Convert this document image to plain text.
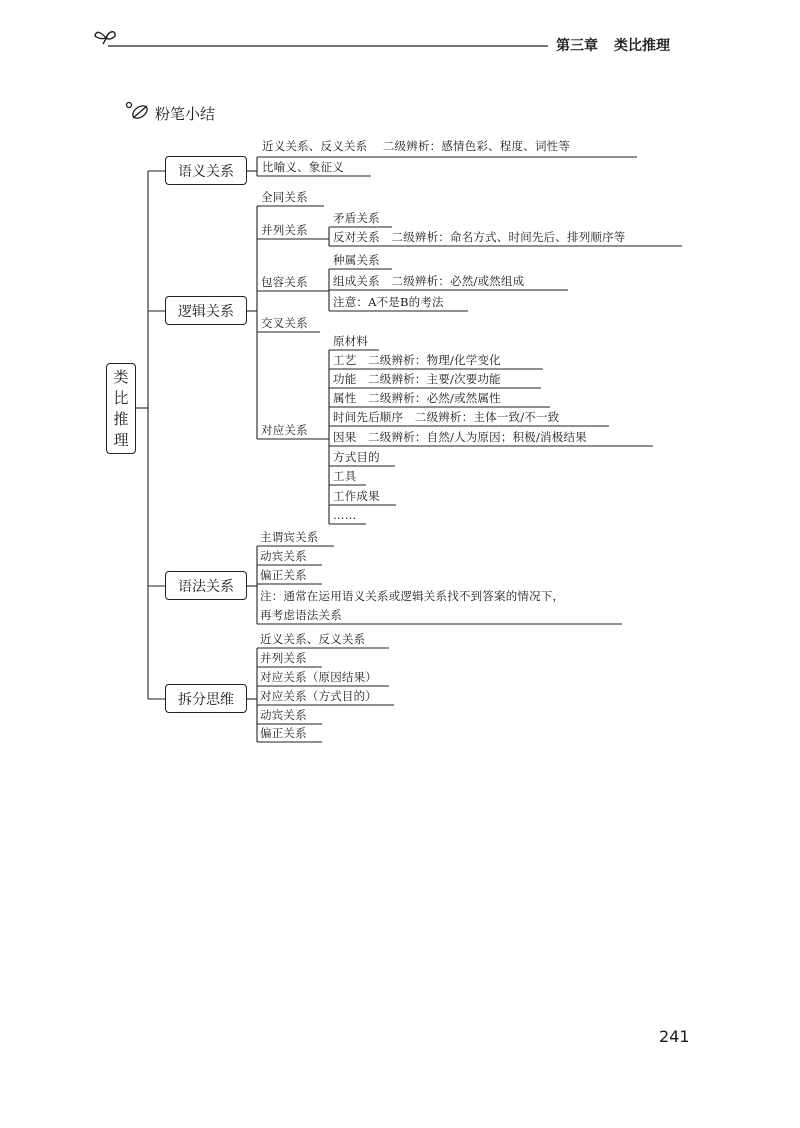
第三章 类比推理
粉笔小结
类
比
推
理
语义关系
逻辑关系
语法关系
拆分思维
近义关系、反义关系　 二级辨析：感情色彩、程度、词性等
比喻义、象征义
全同关系
并列关系
矛盾关系
反对关系　二级辨析：命名方式、时间先后、排列顺序等
包容关系
种属关系
组成关系　二级辨析：必然/或然组成
注意：A不是B的考法
交叉关系
对应关系
原材料
工艺　二级辨析：物理/化学变化
功能　二级辨析：主要/次要功能
属性　二级辨析：必然/或然属性
时间先后顺序　二级辨析：主体一致/不一致
因果　二级辨析：自然/人为原因；积极/消极结果
方式目的
工具
工作成果
……
主谓宾关系
动宾关系
偏正关系
注：通常在运用语义关系或逻辑关系找不到答案的情况下，
再考虑语法关系
近义关系、反义关系
并列关系
对应关系（原因结果）
对应关系（方式目的）
动宾关系
偏正关系
241
